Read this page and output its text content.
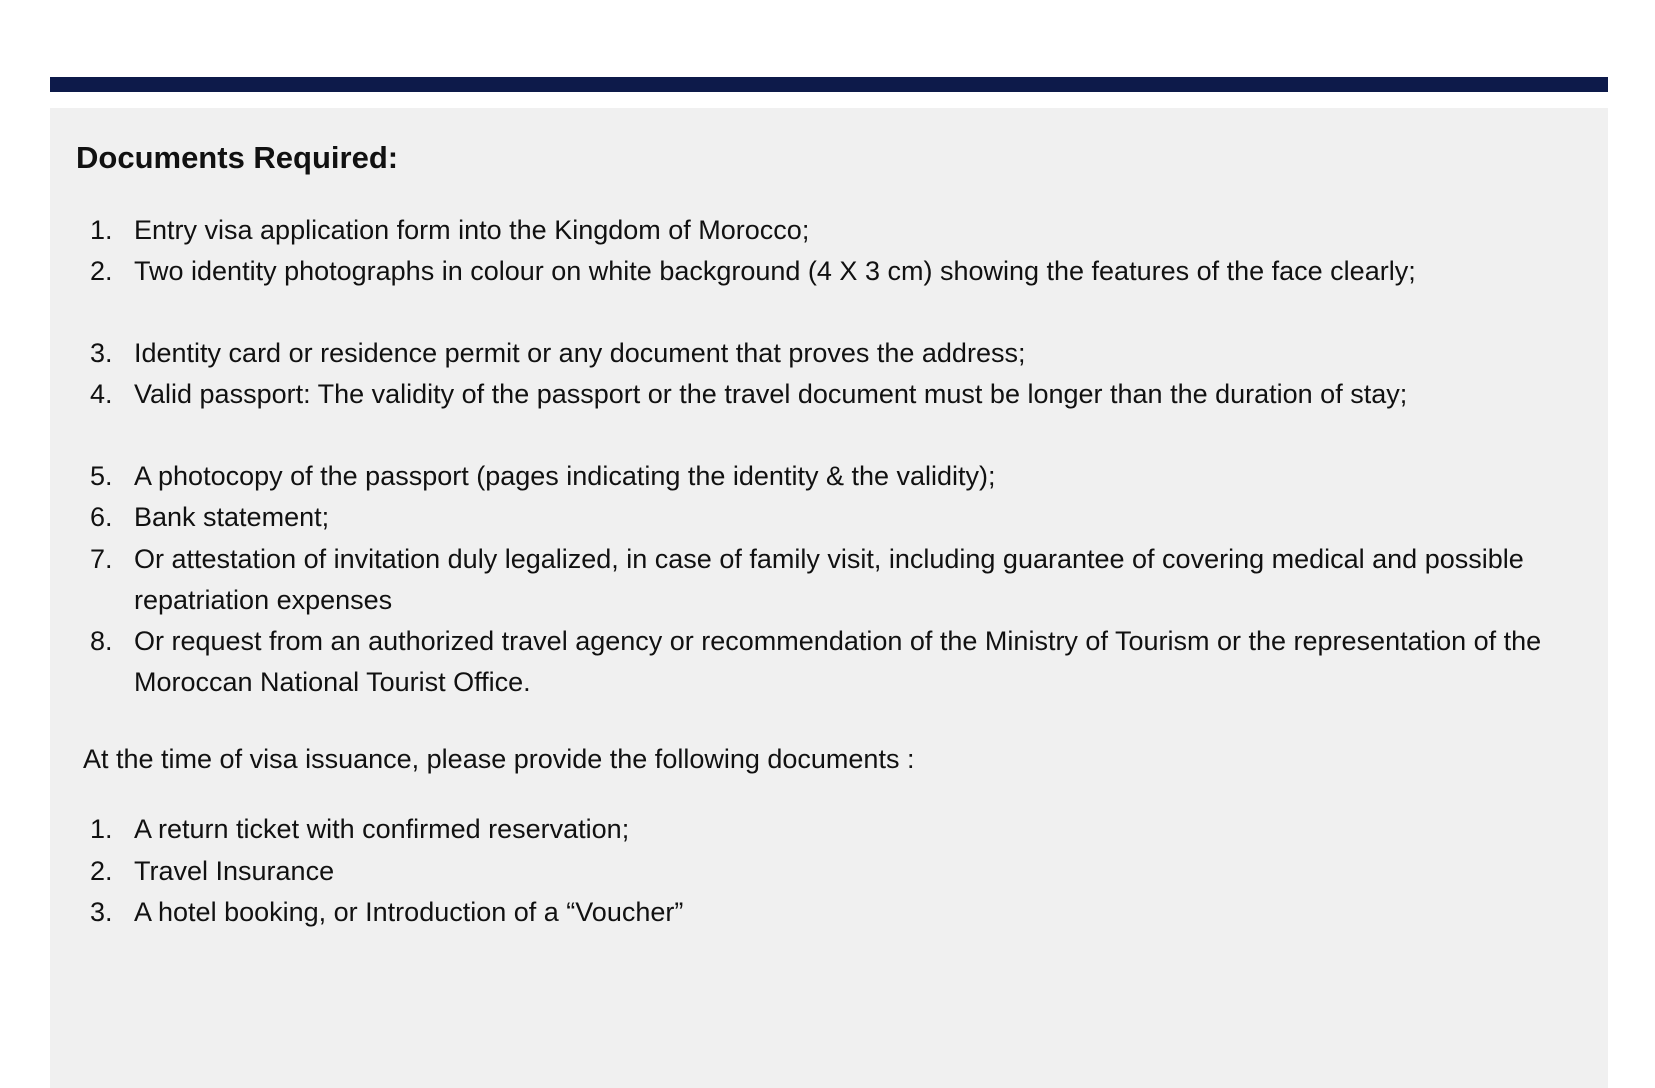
Documents Required:
1. Entry visa application form into the Kingdom of Morocco;
2. Two identity photographs in colour on white background (4 X 3 cm) showing the features of the face clearly;
3. Identity card or residence permit or any document that proves the address;
4. Valid passport: The validity of the passport or the travel document must be longer than the duration of stay;
5. A photocopy of the passport (pages indicating the identity & the validity);
6. Bank statement;
7. Or attestation of invitation duly legalized, in case of family visit, including guarantee of covering medical and possible repatriation expenses
8. Or request from an authorized travel agency or recommendation of the Ministry of Tourism or the representation of the Moroccan National Tourist Office.

At the time of visa issuance, please provide the following documents :

1. A return ticket with confirmed reservation;
2. Travel Insurance
3. A hotel booking, or Introduction of a “Voucher”
